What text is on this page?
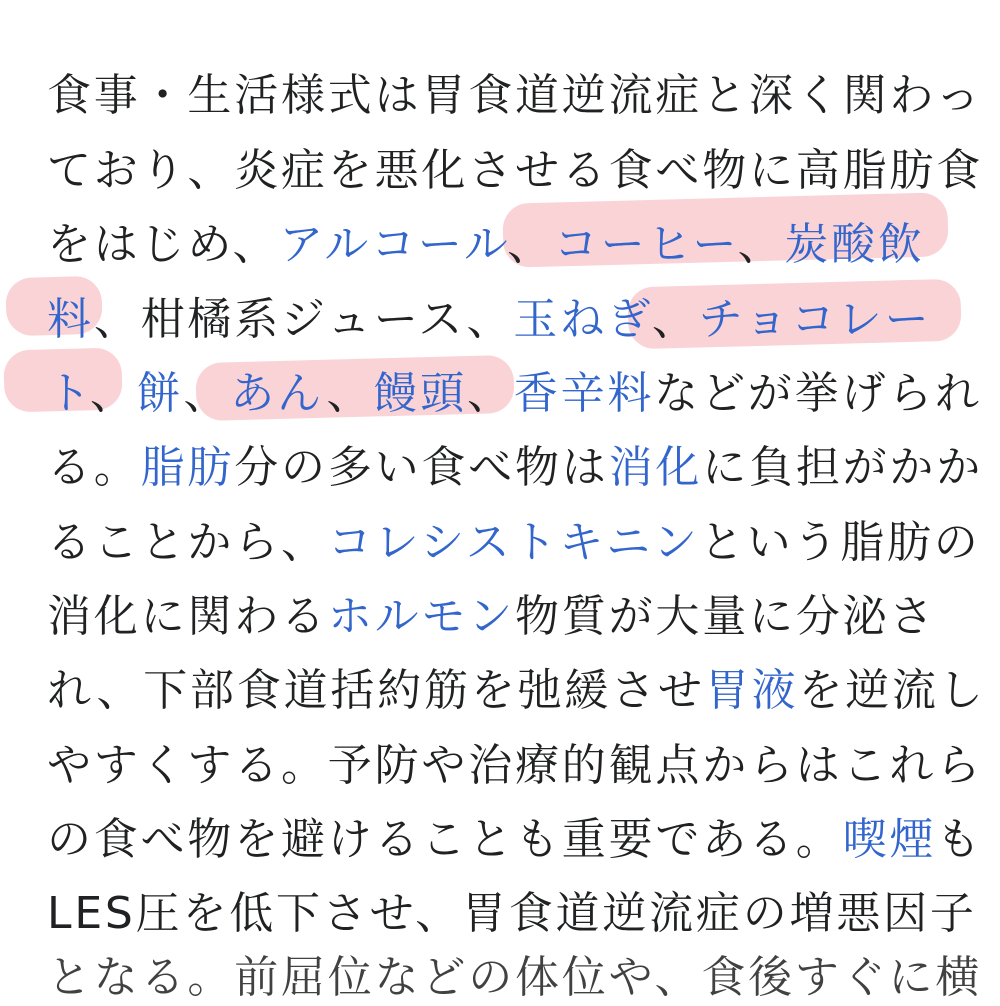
食事・生活様式は胃食道逆流症と深く関わっ
ており、炎症を悪化させる食べ物に高脂肪食
をはじめ、アルコール、コーヒー、炭酸飲
料、柑橘系ジュース、玉ねぎ、チョコレー
ト、餅、あん、饅頭、香辛料などが挙げられ
る。脂肪分の多い食べ物は消化に負担がかか
ることから、コレシストキニンという脂肪の
消化に関わるホルモン物質が大量に分泌さ
れ、下部食道括約筋を弛緩させ胃液を逆流し
やすくする。予防や治療的観点からはこれら
の食べ物を避けることも重要である。喫煙も
LES圧を低下させ、胃食道逆流症の増悪因子
となる。前屈位などの体位や、食後すぐに横
